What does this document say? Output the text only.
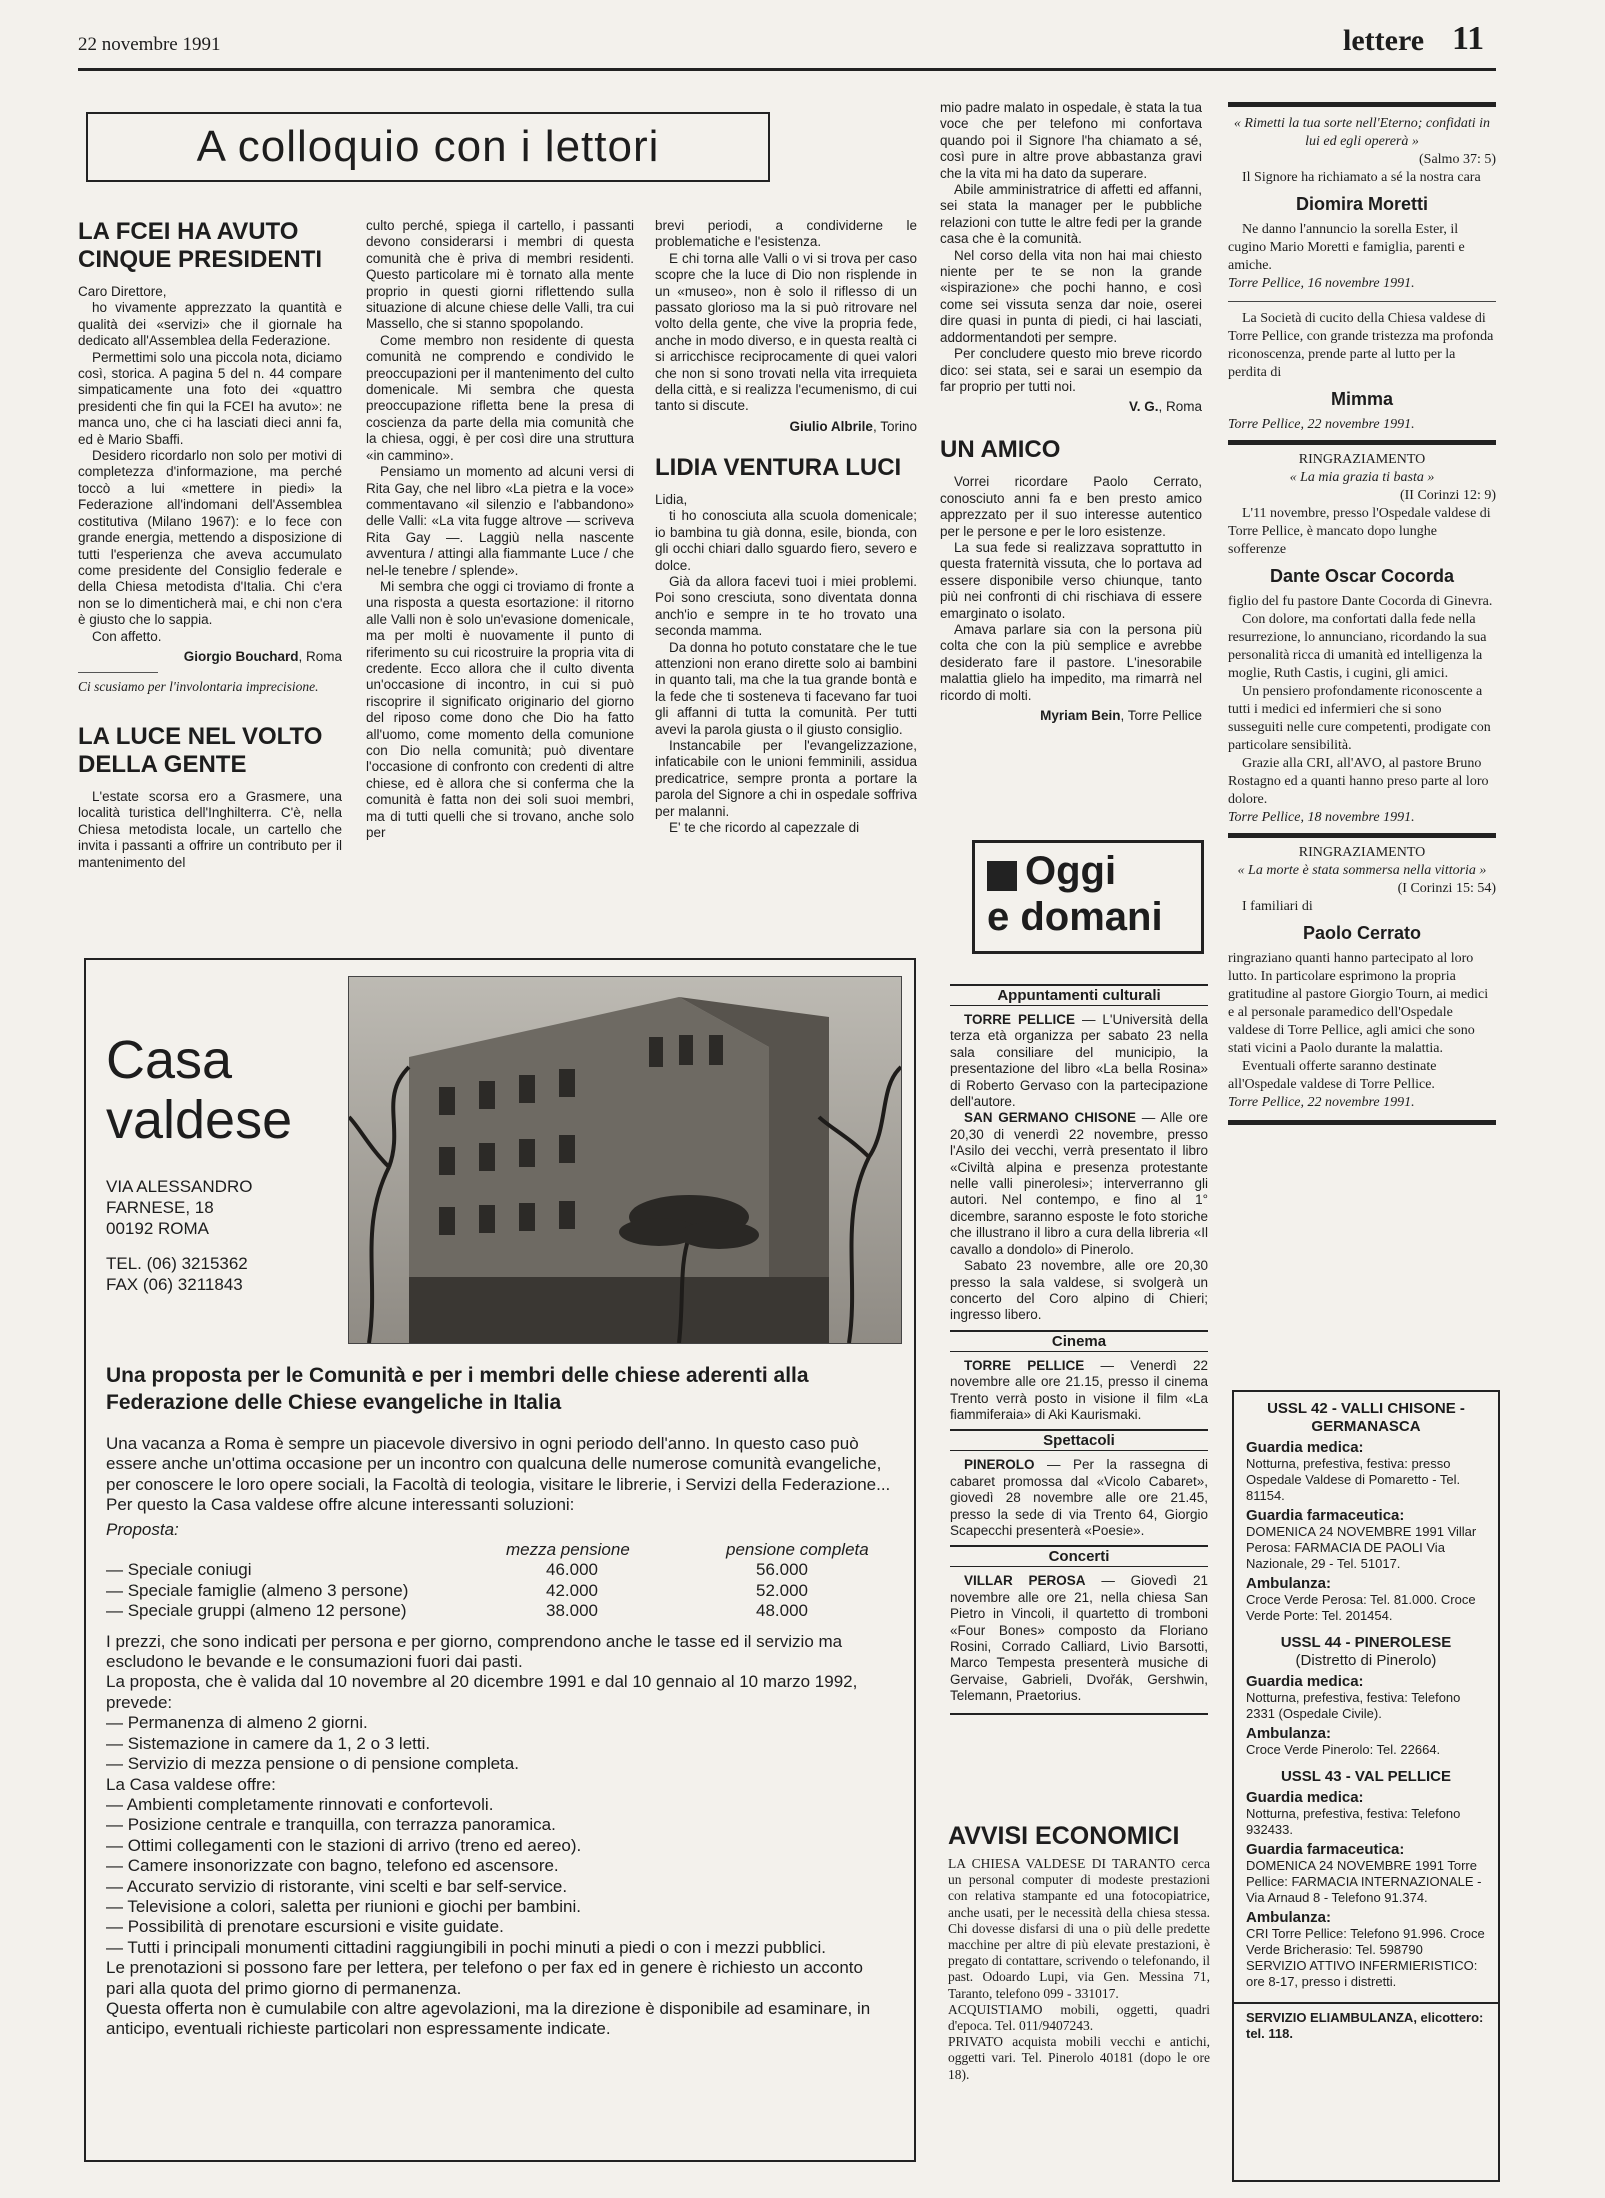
22 novembre 1991	lettere 11
A colloquio con i lettori
LA FCEI HA AVUTO CINQUE PRESIDENTI

Caro Direttore,

ho vivamente apprezzato la quantità e qualità dei «servizi» che il giornale ha dedicato all'Assemblea della Federazione.

Permettimi solo una piccola nota, diciamo così, storica. A pagina 5 del n. 44 compare simpaticamente una foto dei «quattro presidenti che fin qui la FCEI ha avuto»: ne manca uno, che ci ha lasciati dieci anni fa, ed è Mario Sbaffi.

Desidero ricordarlo non solo per motivi di completezza d'informazione, ma perché toccò a lui «mettere in piedi» la Federazione all'indomani dell'Assemblea costitutiva (Milano 1967): e lo fece con grande energia, mettendo a disposizione di tutti l'esperienza che aveva accumulato come presidente del Consiglio federale e della Chiesa metodista d'Italia. Chi c'era non se lo dimenticherà mai, e chi non c'era è giusto che lo sappia.

Con affetto.

Giorgio Bouchard, Roma
Ci scusiamo per l'involontaria imprecisione.
LA LUCE NEL VOLTO DELLA GENTE

L'estate scorsa ero a Grasmere, una località turistica dell'Inghilterra. C'è, nella Chiesa metodista locale, un cartello che invita i passanti a offrire un contributo per il mantenimento del

culto perché, spiega il cartello, i passanti devono considerarsi i membri di questa comunità che è priva di membri residenti. Questo particolare mi è tornato alla mente proprio in questi giorni riflettendo sulla situazione di alcune chiese delle Valli, tra cui Massello, che si stanno spopolando.

Come membro non residente di questa comunità ne comprendo e condivido le preoccupazioni per il mantenimento del culto domenicale. Mi sembra che questa preoccupazione rifletta bene la presa di coscienza da parte della mia comunità che la chiesa, oggi, è per così dire una struttura «in cammino».

Pensiamo un momento ad alcuni versi di Rita Gay, che nel libro «La pietra e la voce» commentavano «il silenzio e l'abbandono» delle Valli: «La vita fugge altrove — scriveva Rita Gay —. Laggiù nella nascente avventura / attingi alla fiammante Luce / che nel-le tenebre / splende».

Mi sembra che oggi ci troviamo di fronte a una risposta a questa esortazione: il ritorno alle Valli non è solo un'evasione domenicale, ma per molti è nuovamente il punto di riferimento su cui ricostruire la propria vita di credente. Ecco allora che il culto diventa un'occasione di incontro, in cui si può riscoprire il significato originario del giorno del riposo come dono che Dio ha fatto all'uomo, come momento della comunione con Dio nella comunità; può diventare l'occasione di confronto con credenti di altre chiese, ed è allora che si conferma che la comunità è fatta non dei soli suoi membri, ma di tutti quelli che si trovano, anche solo per

brevi periodi, a condividerne le problematiche e l'esistenza.

E chi torna alle Valli o vi si trova per caso scopre che la luce di Dio non risplende in un «museo», non è solo il riflesso di un passato glorioso ma la si può ritrovare nel volto della gente, che vive la propria fede, anche in modo diverso, e in questa realtà ci si arricchisce reciprocamente di quei valori che non si sono trovati nella vita irrequieta della città, e si realizza l'ecumenismo, di cui tanto si discute.

Giulio Albrile, Torino
LIDIA VENTURA LUCI

Lidia,

ti ho conosciuta alla scuola domenicale; io bambina tu già donna, esile, bionda, con gli occhi chiari dallo sguardo fiero, severo e dolce.

Già da allora facevi tuoi i miei problemi. Poi sono cresciuta, sono diventata donna anch'io e sempre in te ho trovato una seconda mamma.

Da donna ho potuto constatare che le tue attenzioni non erano dirette solo ai bambini in quanto tali, ma che la tua grande bontà e la fede che ti sosteneva ti facevano far tuoi gli affanni di tutta la comunità. Per tutti avevi la parola giusta o il giusto consiglio.

Instancabile per l'evangelizzazione, infaticabile con le unioni femminili, assidua predicatrice, sempre pronta a portare la parola del Signore a chi in ospedale soffriva per malanni.

E' te che ricordo al capezzale di

mio padre malato in ospedale, è stata la tua voce che per telefono mi confortava quando poi il Signore l'ha chiamato a sé, così pure in altre prove abbastanza gravi che la vita mi ha dato da superare.

Abile amministratrice di affetti ed affanni, sei stata la manager per le pubbliche relazioni con tutte le altre fedi per la grande casa che è la comunità.

Nel corso della vita non hai mai chiesto niente per te se non la grande «ispirazione» che pochi hanno, e così come sei vissuta senza dar noie, oserei dire quasi in punta di piedi, ci hai lasciati, addormentandoti per sempre.

Per concludere questo mio breve ricordo dico: sei stata, sei e sarai un esempio da far proprio per tutti noi.

V. G., Roma
UN AMICO

Vorrei ricordare Paolo Cerrato, conosciuto anni fa e ben presto amico apprezzato per il suo interesse autentico per le persone e per le loro esistenze.

La sua fede si realizzava soprattutto in questa fraternità vissuta, che lo portava ad essere disponibile verso chiunque, tanto più nei confronti di chi rischiava di essere emarginato o isolato.

Amava parlare sia con la persona più colta che con la più semplice e avrebbe desiderato fare il pastore. L'inesorabile malattia glielo ha impedito, ma rimarrà nel ricordo di molti.

Myriam Bein, Torre Pellice
Oggi
e domani
Appuntamenti culturali

TORRE PELLICE — L'Università della terza età organizza per sabato 23 nella sala consiliare del municipio, la presentazione del libro «La bella Rosina» di Roberto Gervaso con la partecipazione dell'autore.

SAN GERMANO CHISONE — Alle ore 20,30 di venerdì 22 novembre, presso l'Asilo dei vecchi, verrà presentato il libro «Civiltà alpina e presenza protestante nelle valli pinerolesi»; interverranno gli autori. Nel contempo, e fino al 1° dicembre, saranno esposte le foto storiche che illustrano il libro a cura della libreria «Il cavallo a dondolo» di Pinerolo.

Sabato 23 novembre, alle ore 20,30 presso la sala valdese, si svolgerà un concerto del Coro alpino di Chieri; ingresso libero.

Cinema

TORRE PELLICE — Venerdì 22 novembre alle ore 21.15, presso il cinema Trento verrà posto in visione il film «La fiammiferaia» di Aki Kaurismaki.

Spettacoli

PINEROLO — Per la rassegna di cabaret promossa dal «Vicolo Cabaret», giovedì 28 novembre alle ore 21.45, presso la sede di via Trento 64, Giorgio Scapecchi presenterà «Poesie».

Concerti

VILLAR PEROSA — Giovedì 21 novembre alle ore 21, nella chiesa San Pietro in Vincoli, il quartetto di tromboni «Four Bones» composto da Floriano Rosini, Corrado Calliard, Livio Barsotti, Marco Tempesta presenterà musiche di Gervaise, Gabrieli, Dvořák, Gershwin, Telemann, Praetorius.

AVVISI ECONOMICI
LA CHIESA VALDESE DI TARANTO cerca un personal computer di modeste prestazioni con relativa stampante ed una fotocopiatrice, anche usati, per le necessità della chiesa stessa. Chi dovesse disfarsi di una o più delle predette macchine per altre di più elevate prestazioni, è pregato di contattare, scrivendo o telefonando, il past. Odoardo Lupi, via Gen. Messina 71, Taranto, telefono 099 - 331017.
ACQUISTIAMO mobili, oggetti, quadri d'epoca. Tel. 011/9407243.
PRIVATO acquista mobili vecchi e antichi, oggetti vari. Tel. Pinerolo 40181 (dopo le ore 18).
« Rimetti la tua sorte nell'Eterno; confidati in lui ed egli opererà »
(Salmo 37: 5)
Il Signore ha richiamato a sé la nostra cara
Diomira Moretti
Ne danno l'annuncio la sorella Ester, il cugino Mario Moretti e famiglia, parenti e amiche.
Torre Pellice, 16 novembre 1991.
La Società di cucito della Chiesa valdese di Torre Pellice, con grande tristezza ma profonda riconoscenza, prende parte al lutto per la perdita di
Mimma
Torre Pellice, 22 novembre 1991.
RINGRAZIAMENTO
« La mia grazia ti basta »
(II Corinzi 12: 9)
L'11 novembre, presso l'Ospedale valdese di Torre Pellice, è mancato dopo lunghe sofferenze
Dante Oscar Cocorda
figlio del fu pastore Dante Cocorda di Ginevra.
Con dolore, ma confortati dalla fede nella resurrezione, lo annunciano, ricordando la sua personalità ricca di umanità ed intelligenza la moglie, Ruth Castis, i cugini, gli amici.
Un pensiero profondamente riconoscente a tutti i medici ed infermieri che si sono susseguiti nelle cure competenti, prodigate con particolare sensibilità.
Grazie alla CRI, all'AVO, al pastore Bruno Rostagno ed a quanti hanno preso parte al loro dolore.
Torre Pellice, 18 novembre 1991.
RINGRAZIAMENTO
« La morte è stata sommersa nella vittoria »
(I Corinzi 15: 54)
I familiari di
Paolo Cerrato
ringraziano quanti hanno partecipato al loro lutto. In particolare esprimono la propria gratitudine al pastore Giorgio Tourn, ai medici e al personale paramedico dell'Ospedale valdese di Torre Pellice, agli amici che sono stati vicini a Paolo durante la malattia.
Eventuali offerte saranno destinate all'Ospedale valdese di Torre Pellice.
Torre Pellice, 22 novembre 1991.
USSL 42 - VALLI CHISONE - GERMANASCA
Guardia medica:
Notturna, prefestiva, festiva: presso Ospedale Valdese di Pomaretto - Tel. 81154.
Guardia farmaceutica:
DOMENICA 24 NOVEMBRE 1991 Villar Perosa: FARMACIA DE PAOLI Via Nazionale, 29 - Tel. 51017.
Ambulanza:
Croce Verde Perosa: Tel. 81.000. Croce Verde Porte: Tel. 201454.
USSL 44 - PINEROLESE
(Distretto di Pinerolo)
Guardia medica:
Notturna, prefestiva, festiva: Telefono 2331 (Ospedale Civile).
Ambulanza:
Croce Verde Pinerolo: Tel. 22664.
USSL 43 - VAL PELLICE
Guardia medica:
Notturna, prefestiva, festiva: Telefono 932433.
Guardia farmaceutica:
DOMENICA 24 NOVEMBRE 1991 Torre Pellice: FARMACIA INTERNAZIONALE - Via Arnaud 8 - Telefono 91.374.
Ambulanza:
CRI Torre Pellice: Telefono 91.996. Croce Verde Bricherasio: Tel. 598790 SERVIZIO ATTIVO INFERMIERISTICO: ore 8-17, presso i distretti.
SERVIZIO ELIAMBULANZA, elicottero: tel. 118.
Casa
valdese
VIA ALESSANDRO
FARNESE, 18
00192 ROMA
TEL. (06) 3215362
FAX (06) 3211843
Una proposta per le Comunità e per i membri delle chiese aderenti alla Federazione delle Chiese evangeliche in Italia

Una vacanza a Roma è sempre un piacevole diversivo in ogni periodo dell'anno. In questo caso può essere anche un'ottima occasione per un incontro con qualcuna delle numerose comunità evangeliche, per conoscere le loro opere sociali, la Facoltà di teologia, visitare le librerie, i Servizi della Federazione...

Per questo la Casa valdese offre alcune interessanti soluzioni:

Proposta:

mezza pensione	pensione completa
— Speciale coniugi	46.000	56.000
— Speciale famiglie (almeno 3 persone)	42.000	52.000
— Speciale gruppi (almeno 12 persone)	38.000	48.000

I prezzi, che sono indicati per persona e per giorno, comprendono anche le tasse ed il servizio ma escludono le bevande e le consumazioni fuori dai pasti.

La proposta, che è valida dal 10 novembre al 20 dicembre 1991 e dal 10 gennaio al 10 marzo 1992, prevede:

— Permanenza di almeno 2 giorni.
— Sistemazione in camere da 1, 2 o 3 letti.
— Servizio di mezza pensione o di pensione completa.

La Casa valdese offre:

— Ambienti completamente rinnovati e confortevoli.
— Posizione centrale e tranquilla, con terrazza panoramica.
— Ottimi collegamenti con le stazioni di arrivo (treno ed aereo).
— Camere insonorizzate con bagno, telefono ed ascensore.
— Accurato servizio di ristorante, vini scelti e bar self-service.
— Televisione a colori, saletta per riunioni e giochi per bambini.
— Possibilità di prenotare escursioni e visite guidate.
— Tutti i principali monumenti cittadini raggiungibili in pochi minuti a piedi o con i mezzi pubblici.

Le prenotazioni si possono fare per lettera, per telefono o per fax ed in genere è richiesto un acconto pari alla quota del primo giorno di permanenza.

Questa offerta non è cumulabile con altre agevolazioni, ma la direzione è disponibile ad esaminare, in anticipo, eventuali richieste particolari non espressamente indicate.
